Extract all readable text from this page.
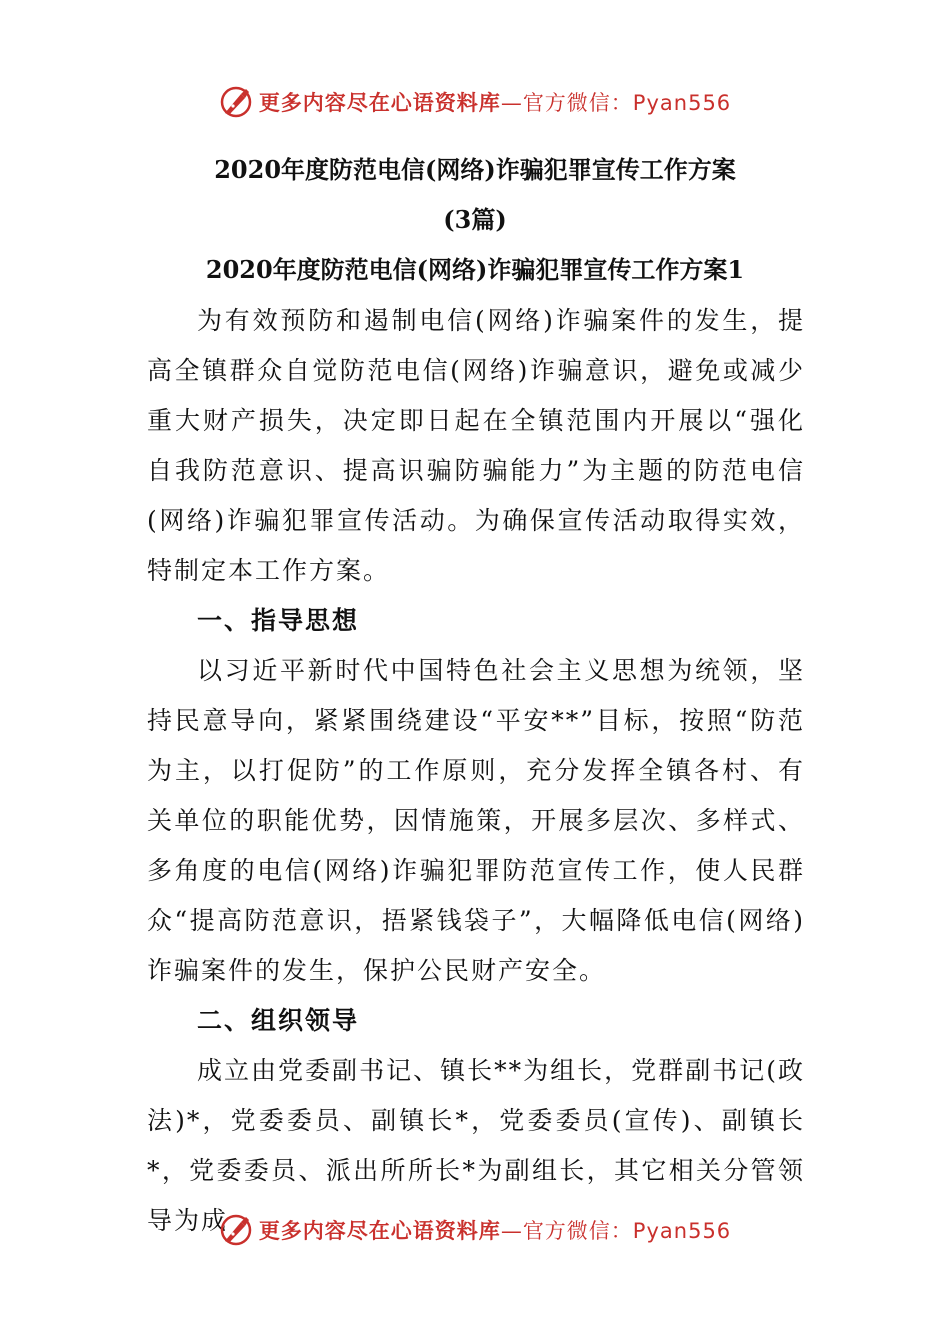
更多内容尽在心语资料库—官方微信：Pyan556
2020年度防范电信(网络)诈骗犯罪宣传工作方案
(3篇)
2020年度防范电信(网络)诈骗犯罪宣传工作方案1

为有效预防和遏制电信(网络)诈骗案件的发生，提高全镇群众自觉防范电信(网络)诈骗意识，避免或减少重大财产损失，决定即日起在全镇范围内开展以“强化自我防范意识、提高识骗防骗能力”为主题的防范电信(网络)诈骗犯罪宣传活动。为确保宣传活动取得实效，特制定本工作方案。

一、指导思想

以习近平新时代中国特色社会主义思想为统领，坚持民意导向，紧紧围绕建设“平安**”目标，按照“防范为主，以打促防”的工作原则，充分发挥全镇各村、有关单位的职能优势，因情施策，开展多层次、多样式、多角度的电信(网络)诈骗犯罪防范宣传工作，使人民群众“提高防范意识，捂紧钱袋子”，大幅降低电信(网络)诈骗案件的发生，保护公民财产安全。

二、组织领导

成立由党委副书记、镇长**为组长，党群副书记(政法)*，党委委员、副镇长*，党委委员(宣传)、副镇长*，党委委员、派出所所长*为副组长，其它相关分管领导为成	更多内容尽在心语资料库—官方微信：Pyan556
